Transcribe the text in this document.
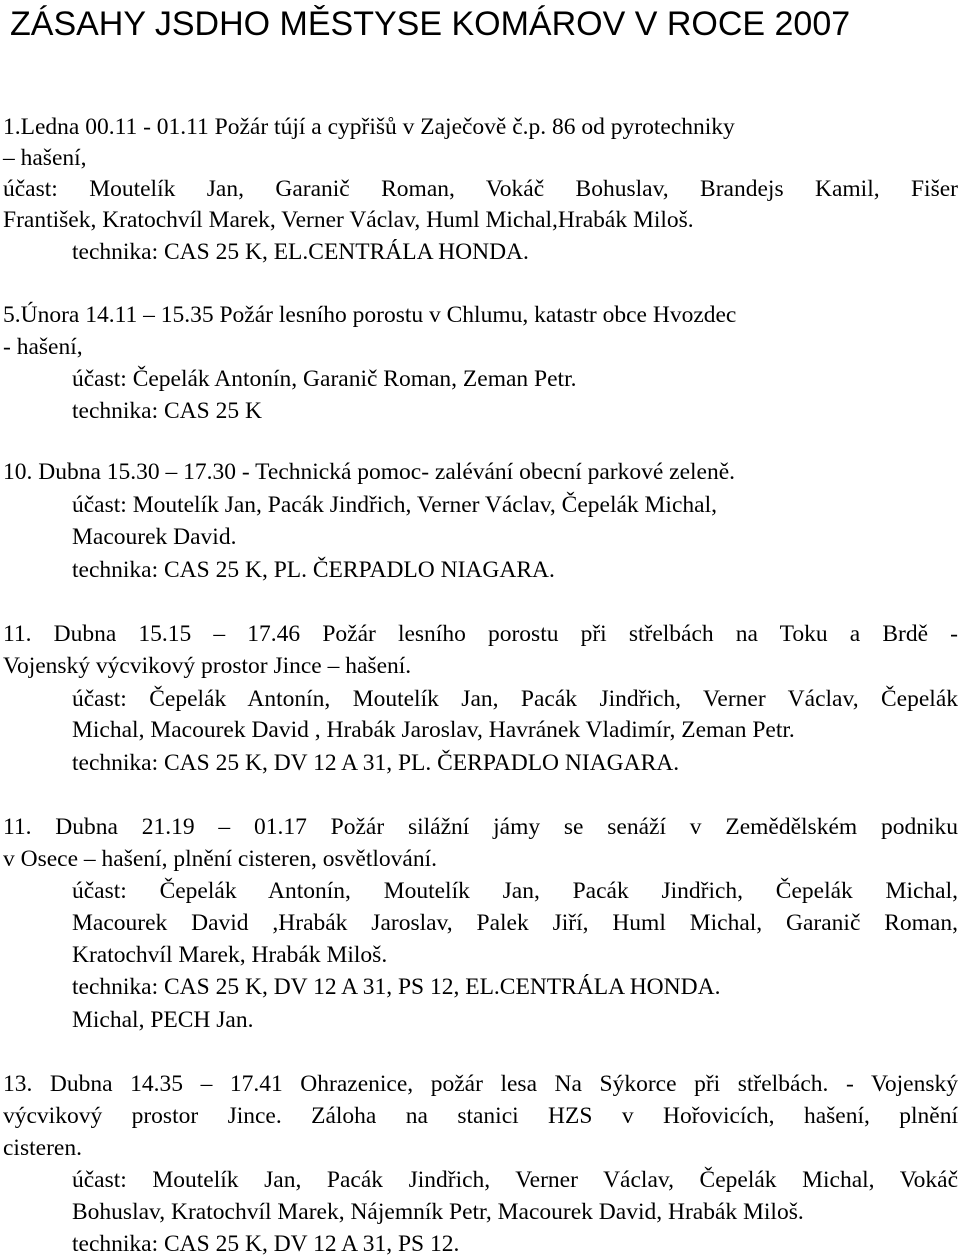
ZÁSAHY JSDHO MĚSTYSE KOMÁROV V ROCE 2007
1.Ledna 00.11 - 01.11 Požár tújí a cypřišů v Zaječově č.p. 86 od pyrotechniky
– hašení,
účast: Moutelík Jan, Garanič Roman, Vokáč Bohuslav, Brandejs Kamil, Fišer
František, Kratochvíl Marek, Verner Václav, Huml Michal,Hrabák Miloš.
technika: CAS 25 K, EL.CENTRÁLA HONDA.
5.Února 14.11 – 15.35 Požár lesního porostu v Chlumu, katastr obce Hvozdec
- hašení,
účast: Čepelák Antonín, Garanič Roman, Zeman Petr.
technika: CAS 25 K
10. Dubna 15.30 – 17.30 - Technická pomoc- zalévání obecní parkové zeleně.
účast: Moutelík Jan, Pacák Jindřich, Verner Václav, Čepelák Michal,
Macourek David.
technika: CAS 25 K, PL. ČERPADLO NIAGARA.
11. Dubna 15.15 – 17.46 Požár lesního porostu při střelbách na Toku a Brdě -
Vojenský výcvikový prostor Jince – hašení.
účast: Čepelák Antonín, Moutelík Jan, Pacák Jindřich, Verner Václav, Čepelák
Michal, Macourek David , Hrabák Jaroslav, Havránek Vladimír, Zeman Petr.
technika: CAS 25 K, DV 12 A 31, PL. ČERPADLO NIAGARA.
11. Dubna 21.19 – 01.17 Požár silážní jámy se senáží v Zemědělském podniku
v Osece – hašení, plnění cisteren, osvětlování.
účast: Čepelák Antonín, Moutelík Jan, Pacák Jindřich, Čepelák Michal,
Macourek David ,Hrabák Jaroslav, Palek Jiří, Huml Michal, Garanič Roman,
Kratochvíl Marek, Hrabák Miloš.
technika: CAS 25 K, DV 12 A 31, PS 12, EL.CENTRÁLA HONDA.
Michal, PECH Jan.
13. Dubna 14.35 – 17.41 Ohrazenice, požár lesa Na Sýkorce při střelbách. - Vojenský
výcvikový prostor Jince. Záloha na stanici HZS v Hořovicích, hašení, plnění
cisteren.
účast: Moutelík Jan, Pacák Jindřich, Verner Václav, Čepelák Michal, Vokáč
Bohuslav, Kratochvíl Marek, Nájemník Petr, Macourek David, Hrabák Miloš.
technika: CAS 25 K, DV 12 A 31, PS 12.
